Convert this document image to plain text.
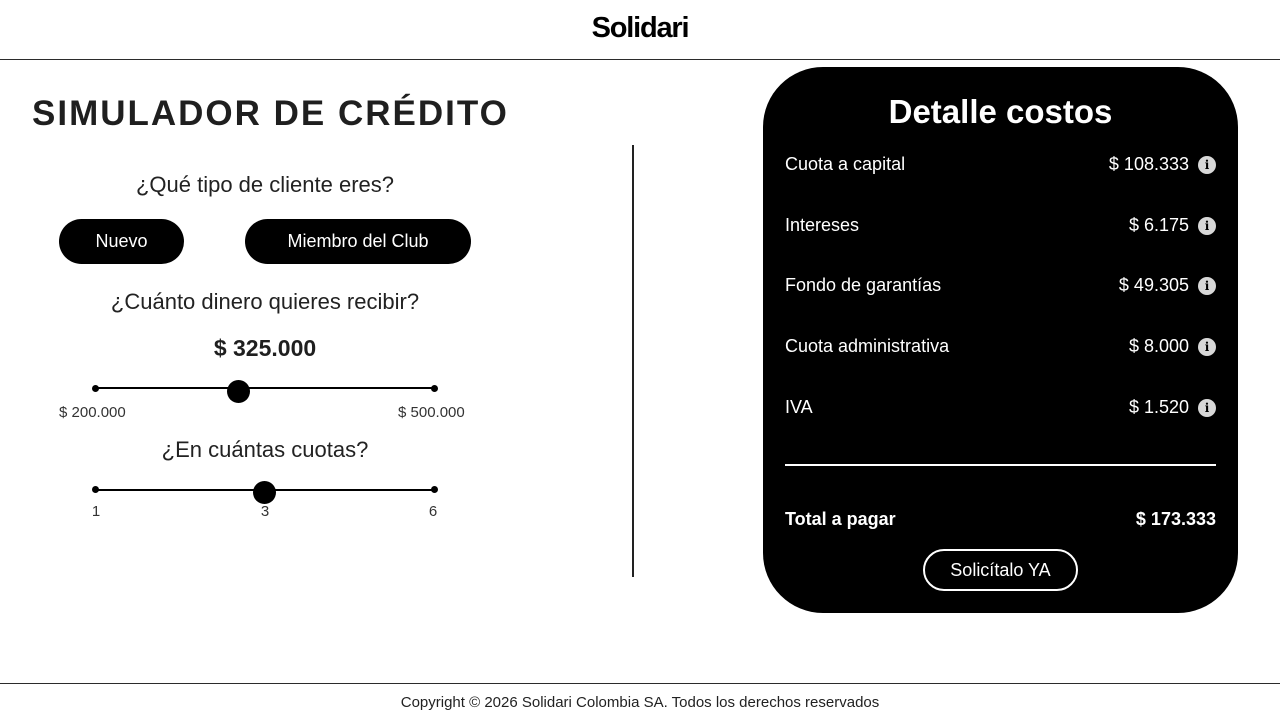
Solidari
SIMULADOR DE CRÉDITO
¿Qué tipo de cliente eres?
Nuevo	Miembro del Club
¿Cuánto dinero quieres recibir?
$ 325.000
$ 200.000	$ 500.000
¿En cuántas cuotas?
1	3	6
Detalle costos
Cuota a capital	$ 108.333	i
Intereses	$ 6.175	i
Fondo de garantías	$ 49.305	i
Cuota administrativa	$ 8.000	i
IVA	$ 1.520	i
Total a pagar	$ 173.333
Solicítalo YA
Copyright © 2026 Solidari Colombia SA. Todos los derechos reservados
